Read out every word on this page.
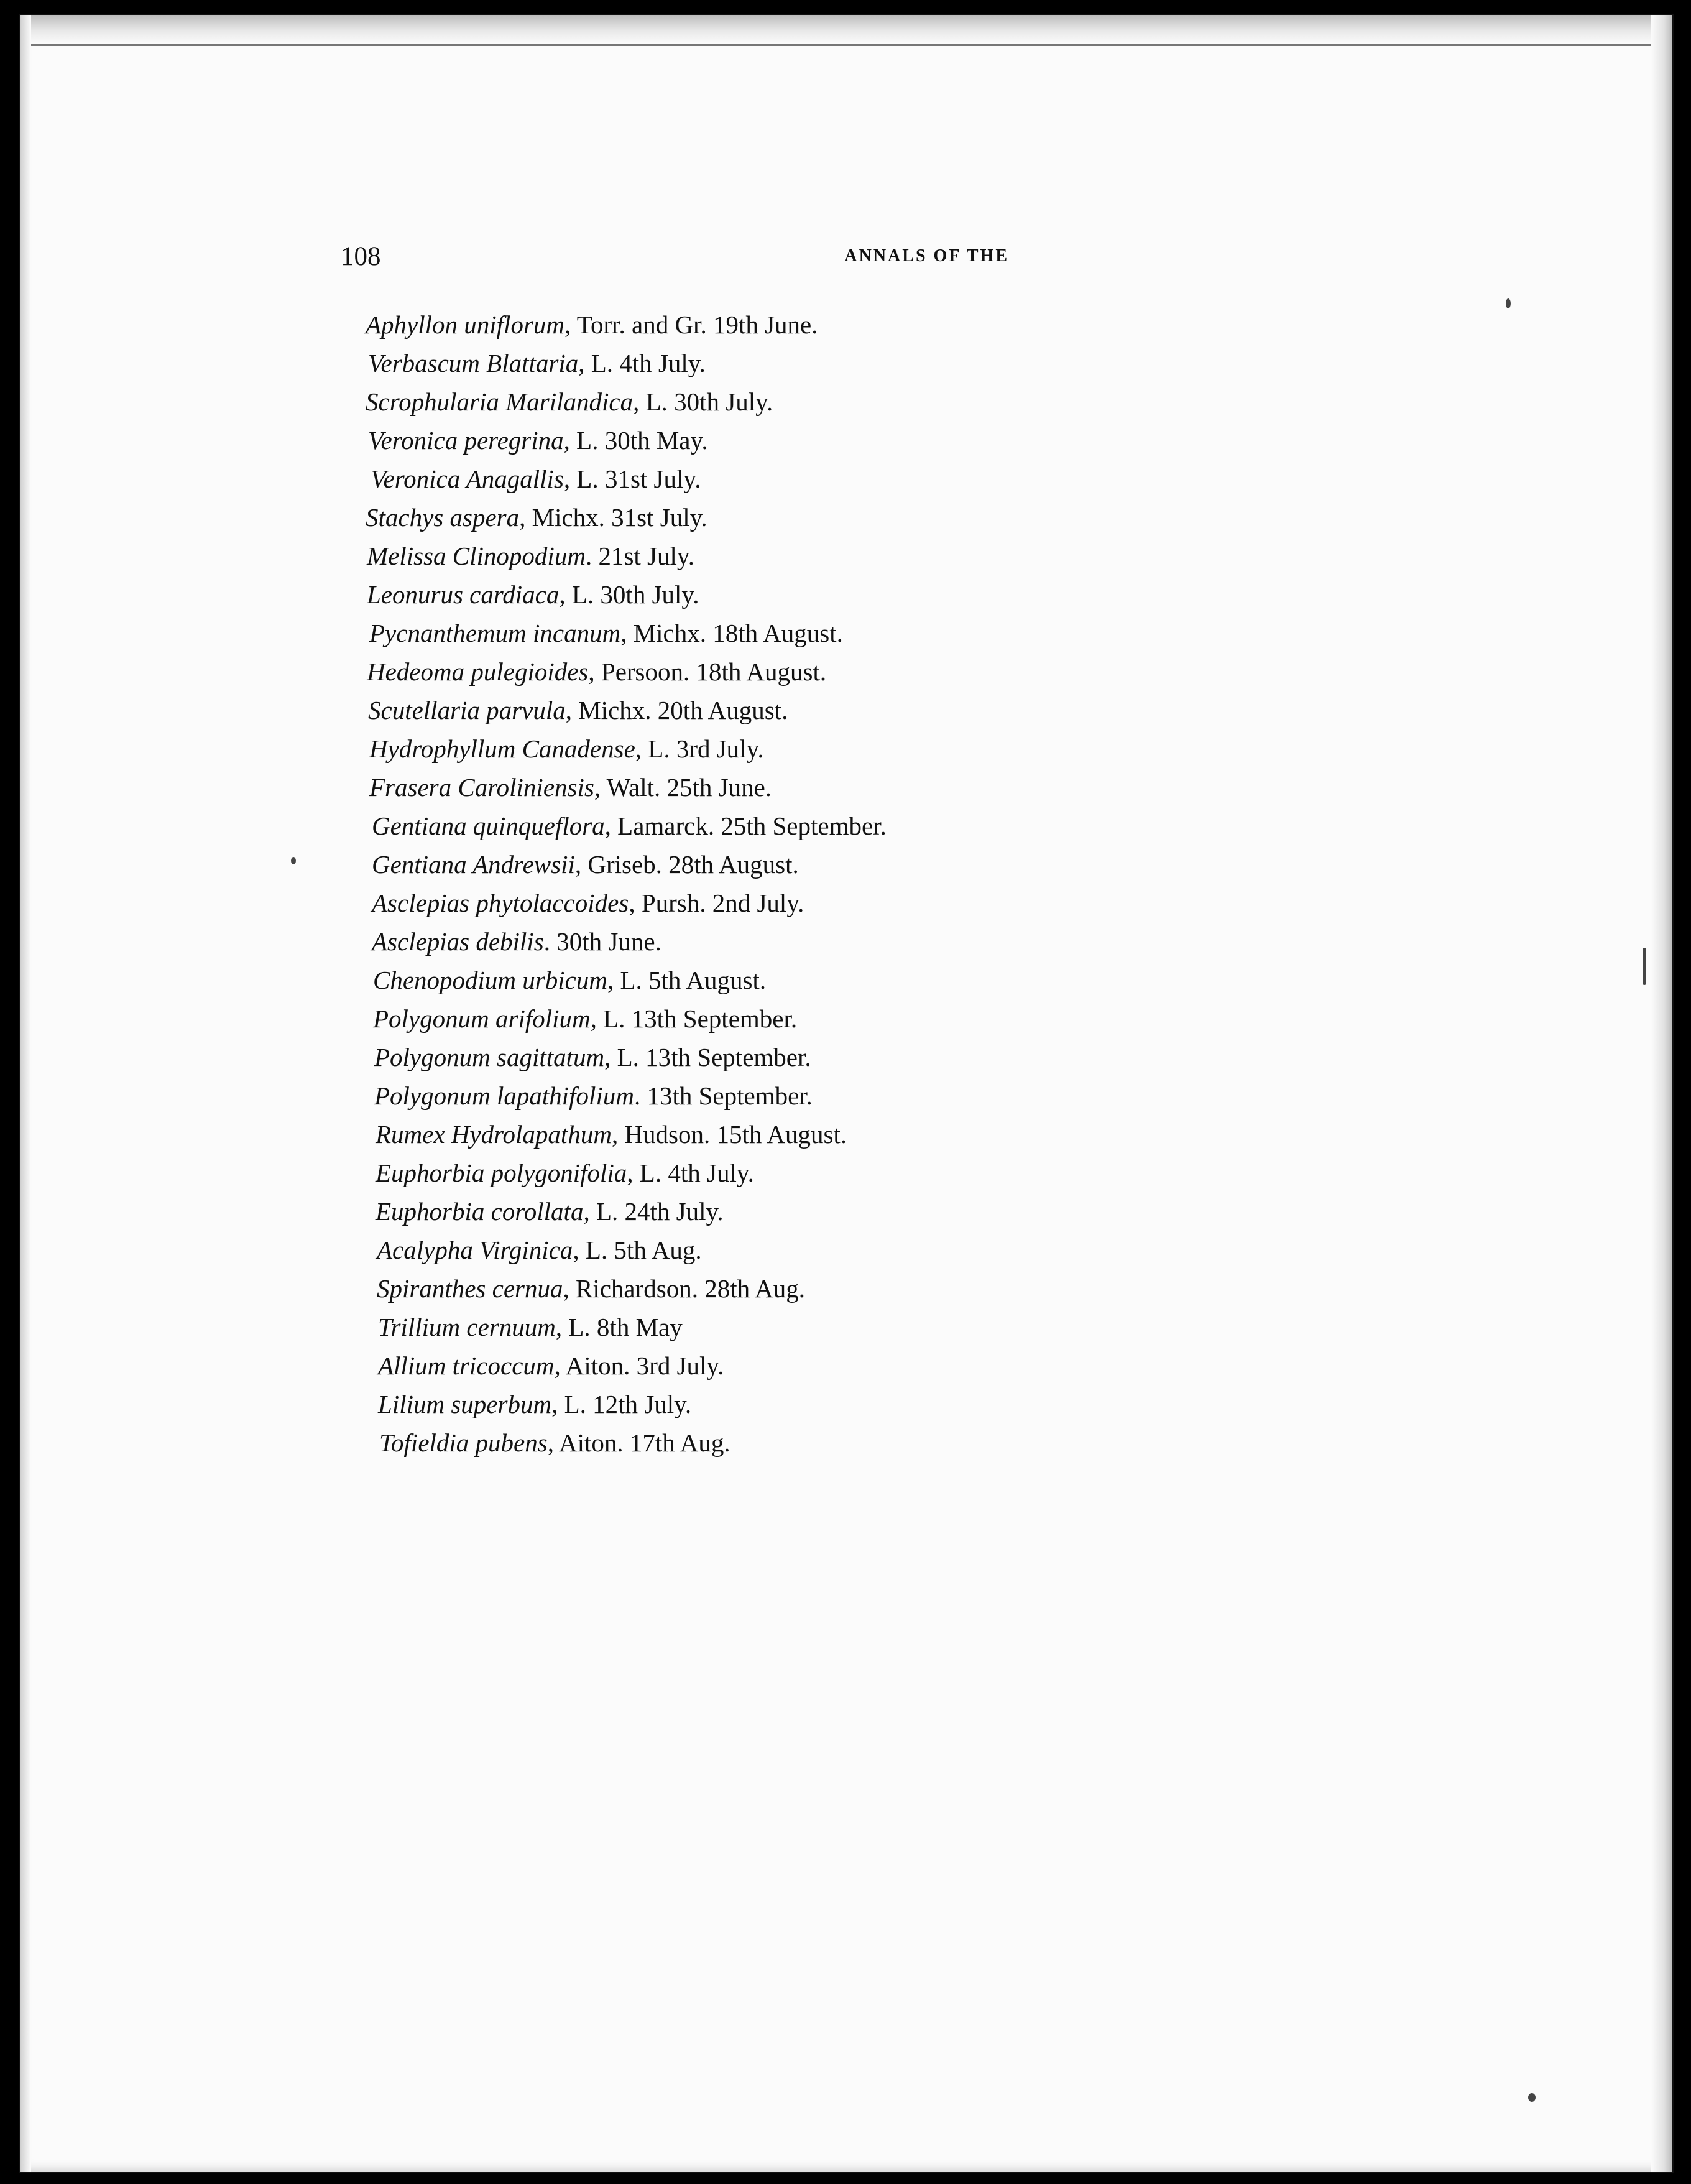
108	ANNALS OF THE
Aphyllon uniflorum, Torr. and Gr. 19th June.
Verbascum Blattaria, L. 4th July.
Scrophularia Marilandica, L. 30th July.
Veronica peregrina, L. 30th May.
Veronica Anagallis, L. 31st July.
Stachys aspera, Michx. 31st July.
Melissa Clinopodium. 21st July.
Leonurus cardiaca, L. 30th July.
Pycnanthemum incanum, Michx. 18th August.
Hedeoma pulegioides, Persoon. 18th August.
Scutellaria parvula, Michx. 20th August.
Hydrophyllum Canadense, L. 3rd July.
Frasera Caroliniensis, Walt. 25th June.
Gentiana quinqueflora, Lamarck. 25th September.
Gentiana Andrewsii, Griseb. 28th August.
Asclepias phytolaccoides, Pursh. 2nd July.
Asclepias debilis. 30th June.
Chenopodium urbicum, L. 5th August.
Polygonum arifolium, L. 13th September.
Polygonum sagittatum, L. 13th September.
Polygonum lapathifolium. 13th September.
Rumex Hydrolapathum, Hudson. 15th August.
Euphorbia polygonifolia, L. 4th July.
Euphorbia corollata, L. 24th July.
Acalypha Virginica, L. 5th Aug.
Spiranthes cernua, Richardson. 28th Aug.
Trillium cernuum, L. 8th May
Allium tricoccum, Aiton. 3rd July.
Lilium superbum, L. 12th July.
Tofieldia pubens, Aiton. 17th Aug.
